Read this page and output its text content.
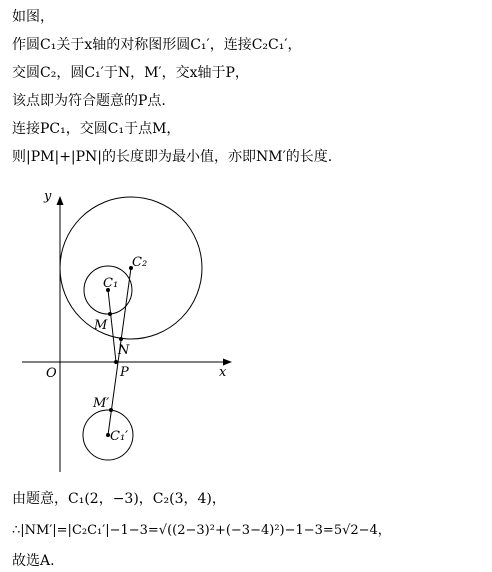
如图，
作圆C₁关于x轴的对称图形圆C₁′，连接C₂C₁′，
交圆C₂，圆C₁′于N，M′，交x轴于P，
该点即为符合题意的P点.
连接PC₁，交圆C₁于点M，
则|PM|+|PN|的长度即为最小值，亦即NM′的长度.
y
x
O	P
N
M
M′
C₁
C₂
C₁′
由题意，C₁(2，−3)，C₂(3，4)，
∴|NM′|=|C₂C₁′|−1−3=√((2−3)²+(−3−4)²)−1−3=5√2−4，
故选A.
